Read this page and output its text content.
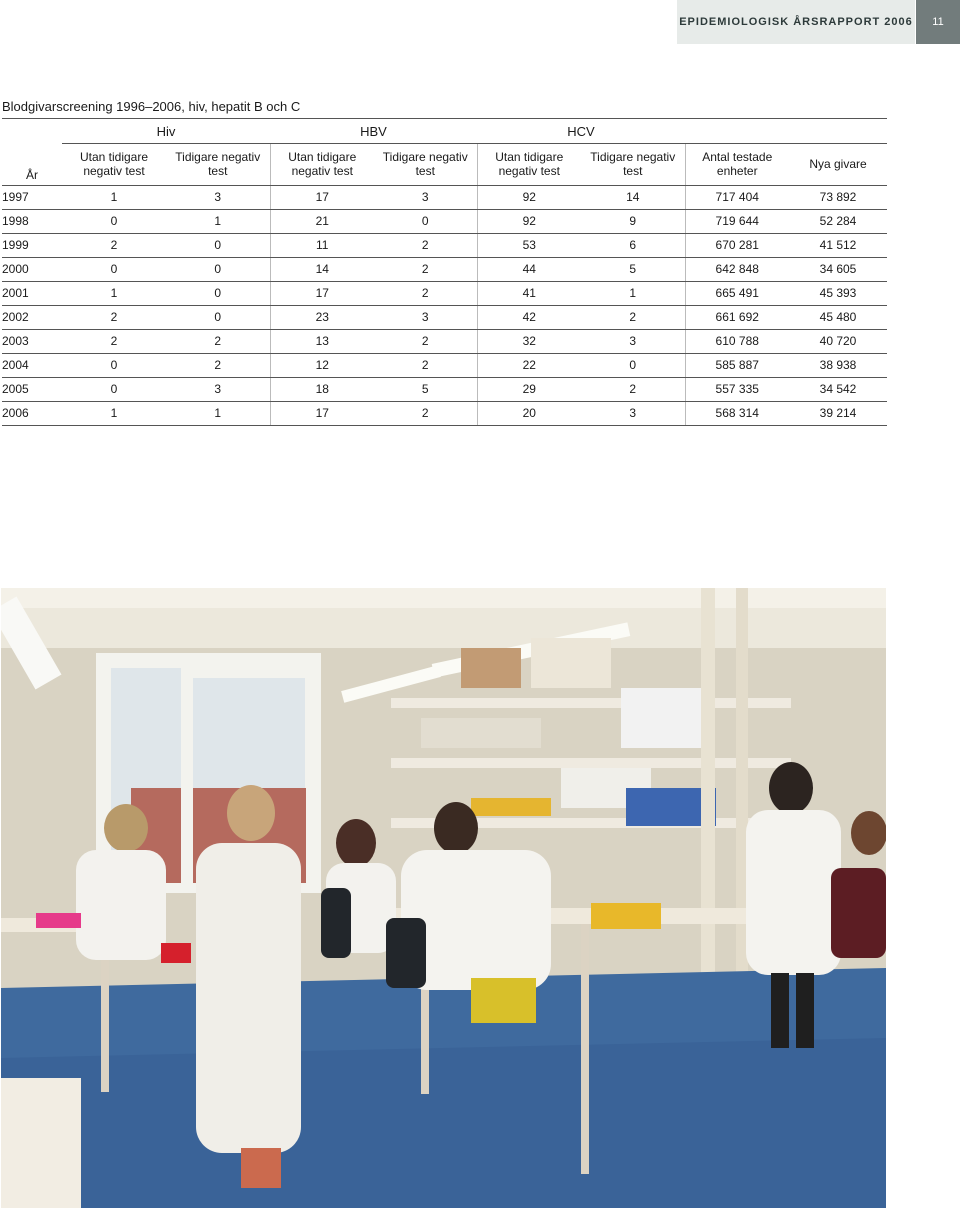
EPIDEMIOLOGISK ÅRSRAPPORT 2006	11
Blodgivarscreening 1996–2006, hiv, hepatit B och C
	Hiv		HBV		HCV			
År	Utan tidigare negativ test	Tidigare negativ test	Utan tidigare negativ test	Tidigare negativ test	Utan tidigare negativ test	Tidigare negativ test	Antal testade enheter	Nya givare
1997	1	3	17	3	92	14	717 404	73 892
1998	0	1	21	0	92	9	719 644	52 284
1999	2	0	11	2	53	6	670 281	41 512
2000	0	0	14	2	44	5	642 848	34 605
2001	1	0	17	2	41	1	665 491	45 393
2002	2	0	23	3	42	2	661 692	45 480
2003	2	2	13	2	32	3	610 788	40 720
2004	0	2	12	2	22	0	585 887	38 938
2005	0	3	18	5	29	2	557 335	34 542
2006	1	1	17	2	20	3	568 314	39 214
